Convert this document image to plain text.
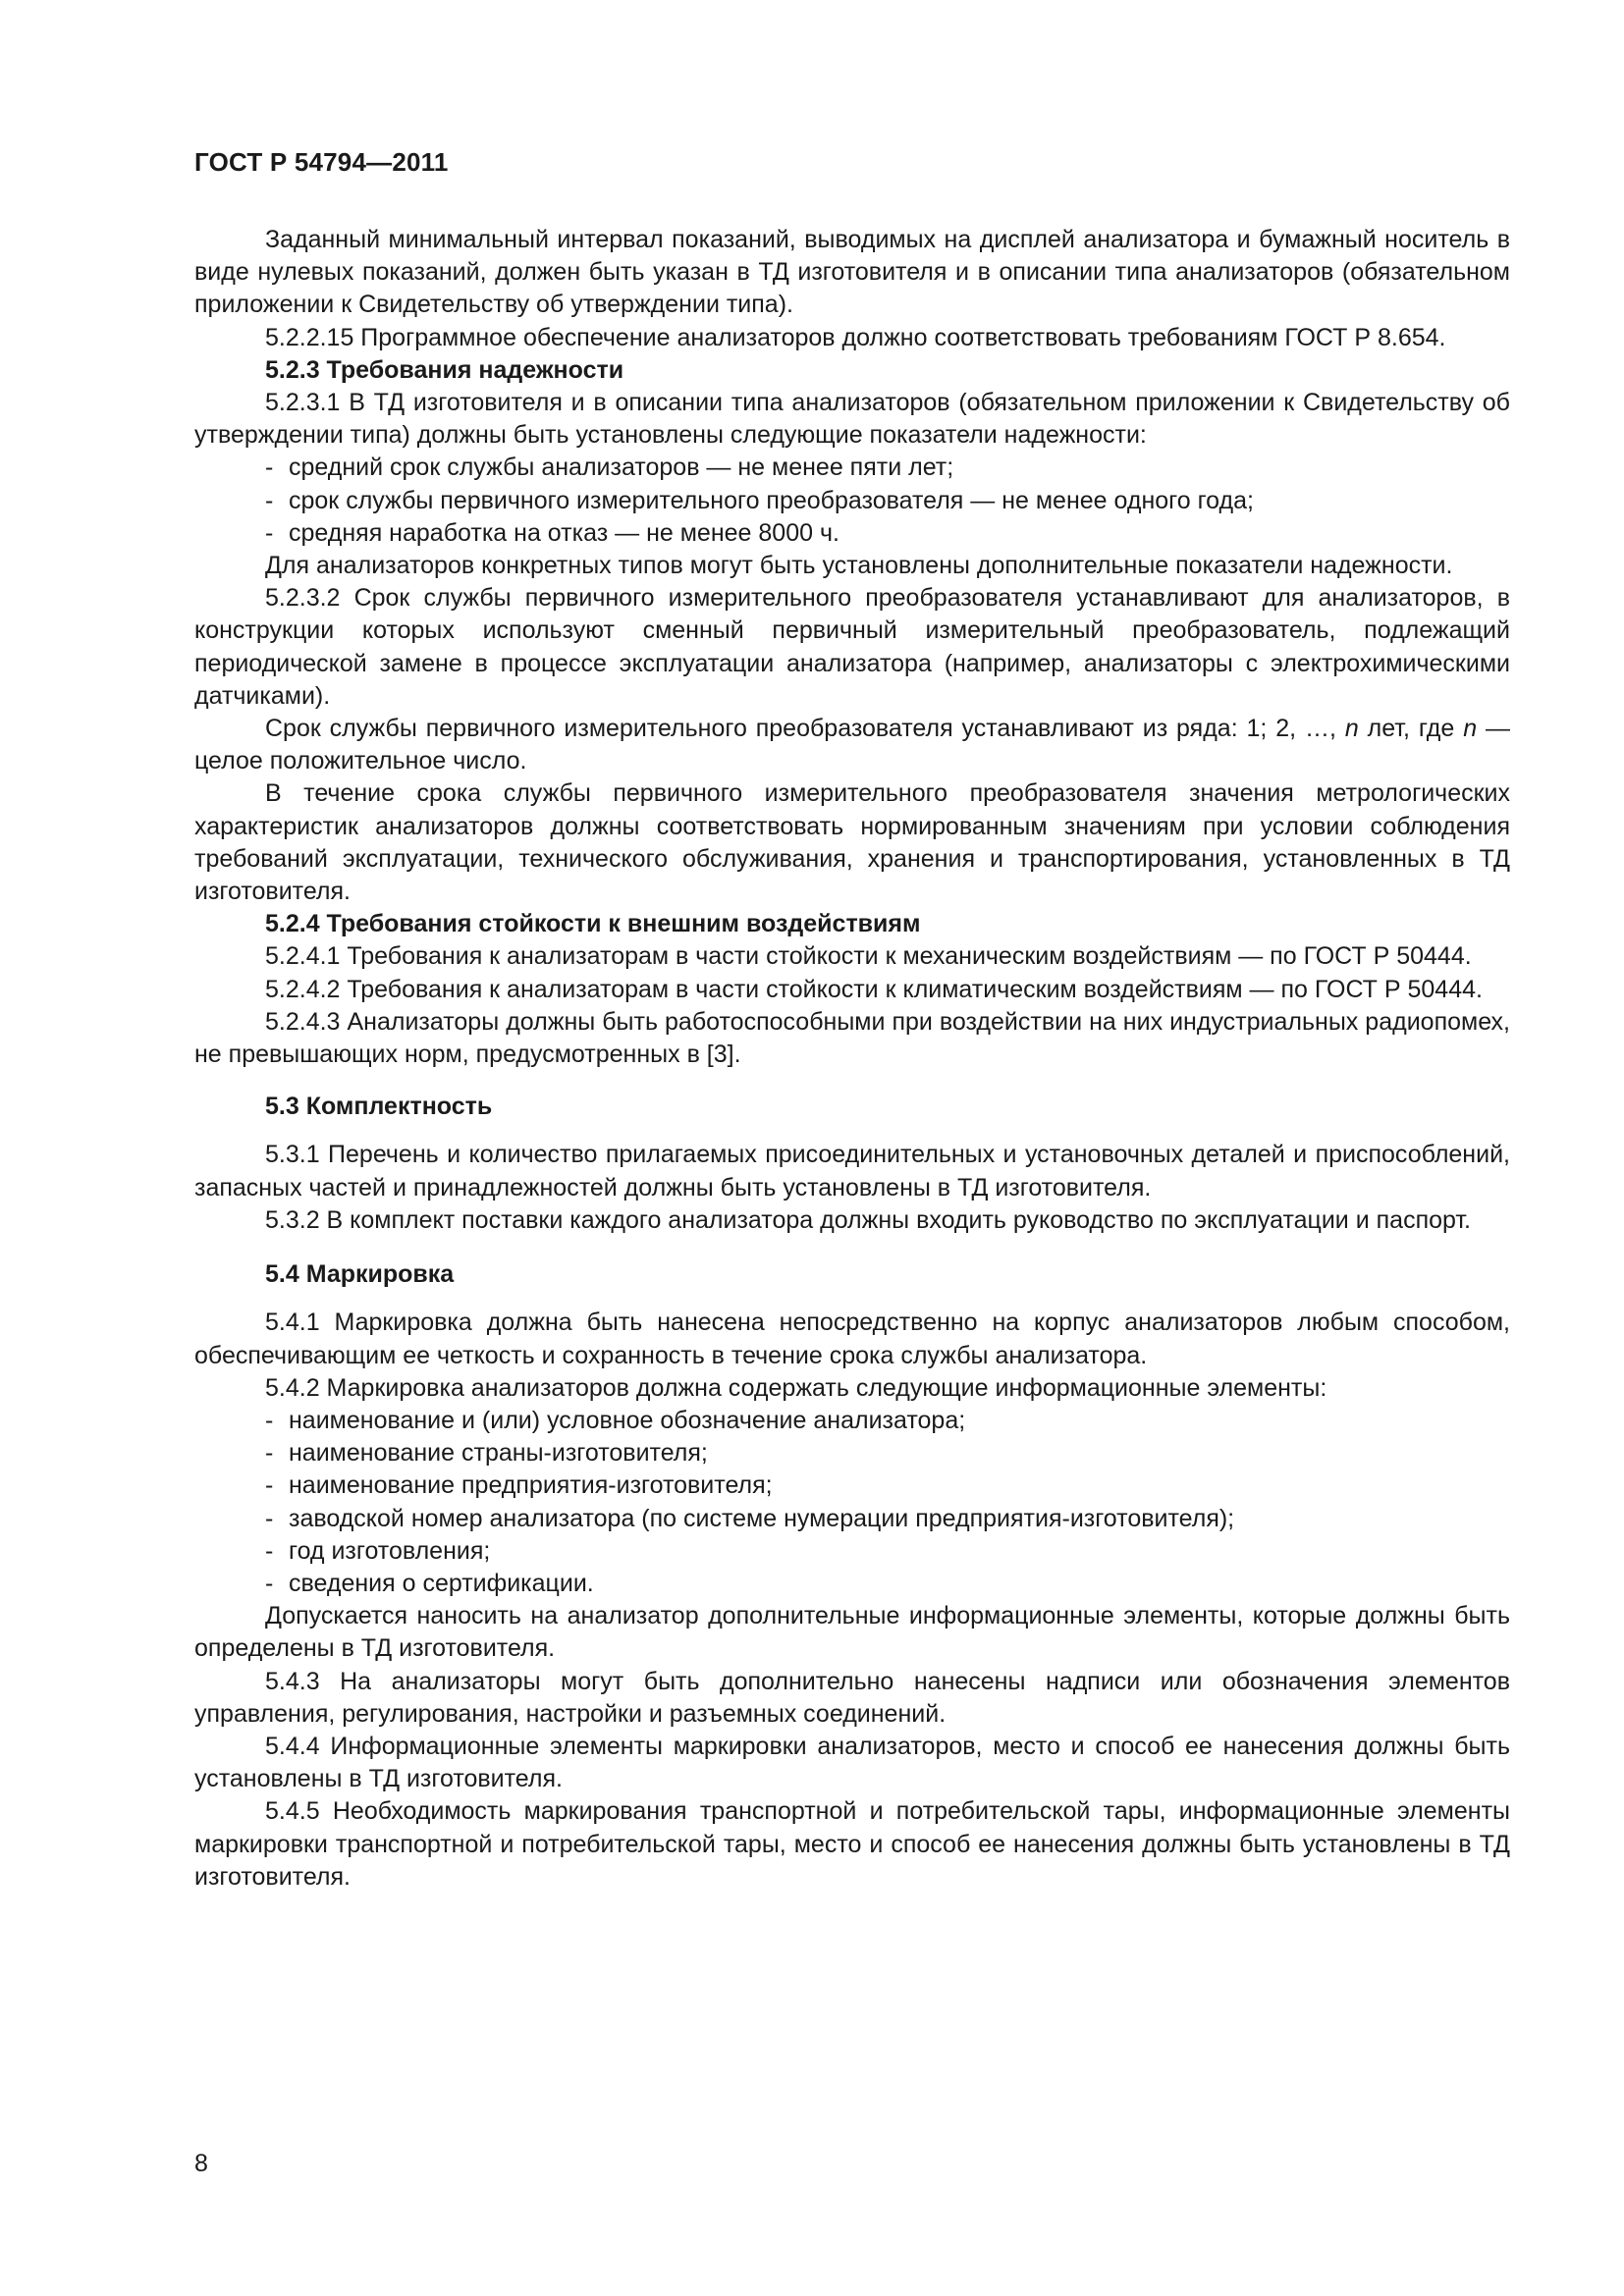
ГОСТ Р 54794—2011

Заданный минимальный интервал показаний, выводимых на дисплей анализатора и бумажный носитель в виде нулевых показаний, должен быть указан в ТД изготовителя и в описании типа анализаторов (обязательном приложении к Свидетельству об утверждении типа).

5.2.2.15 Программное обеспечение анализаторов должно соответствовать требованиям ГОСТ Р 8.654.

5.2.3 Требования надежности

5.2.3.1 В ТД изготовителя и в описании типа анализаторов (обязательном приложении к Свидетельству об утверждении типа) должны быть установлены следующие показатели надежности:

- средний срок службы анализаторов — не менее пяти лет;
- срок службы первичного измерительного преобразователя — не менее одного года;
- средняя наработка на отказ — не менее 8000 ч.

Для анализаторов конкретных типов могут быть установлены дополнительные показатели надежности.

5.2.3.2 Срок службы первичного измерительного преобразователя устанавливают для анализаторов, в конструкции которых используют сменный первичный измерительный преобразователь, подлежащий периодической замене в процессе эксплуатации анализатора (например, анализаторы с электрохимическими датчиками).

Срок службы первичного измерительного преобразователя устанавливают из ряда: 1; 2, …, n лет, где n — целое положительное число.

В течение срока службы первичного измерительного преобразователя значения метрологических характеристик анализаторов должны соответствовать нормированным значениям при условии соблюдения требований эксплуатации, технического обслуживания, хранения и транспортирования, установленных в ТД изготовителя.

5.2.4 Требования стойкости к внешним воздействиям

5.2.4.1 Требования к анализаторам в части стойкости к механическим воздействиям — по ГОСТ Р 50444.

5.2.4.2 Требования к анализаторам в части стойкости к климатическим воздействиям — по ГОСТ Р 50444.

5.2.4.3 Анализаторы должны быть работоспособными при воздействии на них индустриальных радиопомех, не превышающих норм, предусмотренных в [3].

5.3 Комплектность

5.3.1 Перечень и количество прилагаемых присоединительных и установочных деталей и приспособлений, запасных частей и принадлежностей должны быть установлены в ТД изготовителя.

5.3.2 В комплект поставки каждого анализатора должны входить руководство по эксплуатации и паспорт.

5.4 Маркировка

5.4.1 Маркировка должна быть нанесена непосредственно на корпус анализаторов любым способом, обеспечивающим ее четкость и сохранность в течение срока службы анализатора.

5.4.2 Маркировка анализаторов должна содержать следующие информационные элементы:

- наименование и (или) условное обозначение анализатора;
- наименование страны-изготовителя;
- наименование предприятия-изготовителя;
- заводской номер анализатора (по системе нумерации предприятия-изготовителя);
- год изготовления;
- сведения о сертификации.

Допускается наносить на анализатор дополнительные информационные элементы, которые должны быть определены в ТД изготовителя.

5.4.3 На анализаторы могут быть дополнительно нанесены надписи или обозначения элементов управления, регулирования, настройки и разъемных соединений.

5.4.4 Информационные элементы маркировки анализаторов, место и способ ее нанесения должны быть установлены в ТД изготовителя.

5.4.5 Необходимость маркирования транспортной и потребительской тары, информационные элементы маркировки транспортной и потребительской тары, место и способ ее нанесения должны быть установлены в ТД изготовителя.

8
